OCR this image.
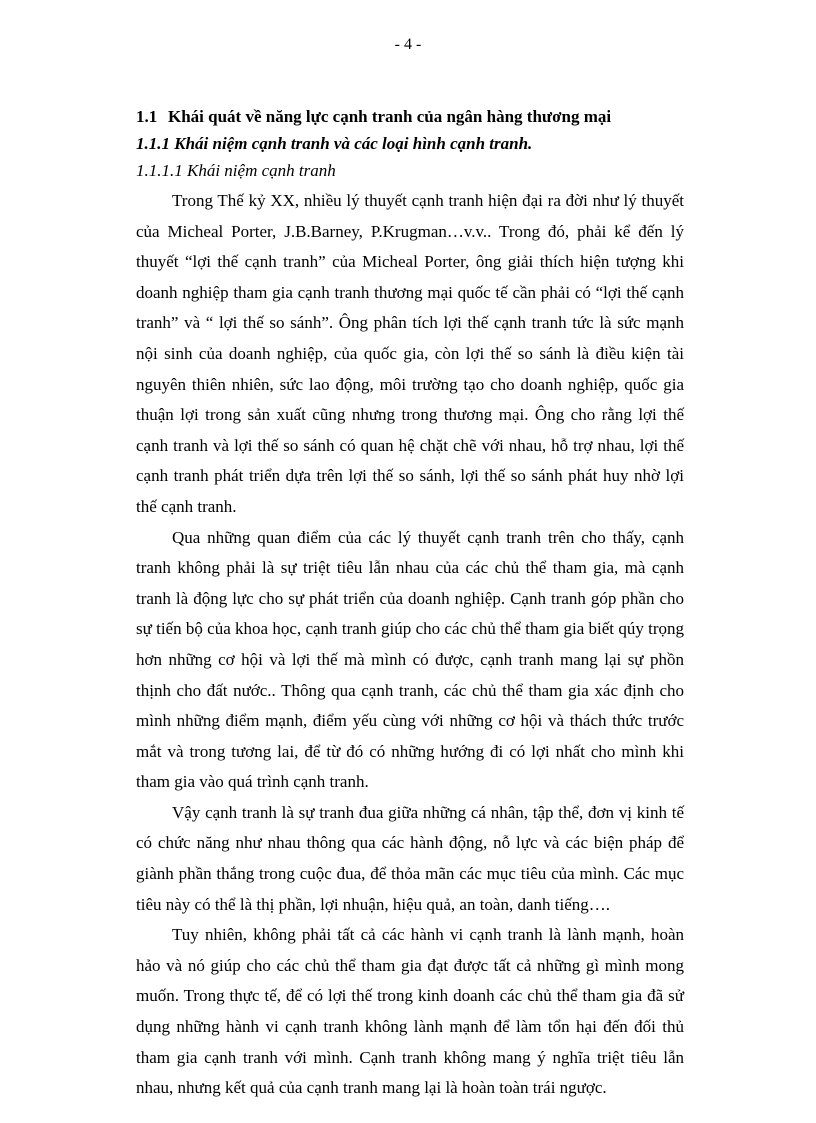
- 4 -

1.1 Khái quát về năng lực cạnh tranh của ngân hàng thương mại

1.1.1 Khái niệm cạnh tranh và các loại hình cạnh tranh.

1.1.1.1 Khái niệm cạnh tranh

Trong Thế kỷ XX, nhiều lý thuyết cạnh tranh hiện đại ra đời như lý thuyết của Micheal Porter, J.B.Barney, P.Krugman…v.v.. Trong đó, phải kể đến lý thuyết “lợi thế cạnh tranh” của Micheal Porter, ông giải thích hiện tượng khi doanh nghiệp tham gia cạnh tranh thương mại quốc tế cần phải có “lợi thế cạnh tranh” và “ lợi thế so sánh”. Ông phân tích lợi thế cạnh tranh tức là sức mạnh nội sinh của doanh nghiệp, của quốc gia, còn lợi thế so sánh là điều kiện tài nguyên thiên nhiên, sức lao động, môi trường tạo cho doanh nghiệp, quốc gia thuận lợi trong sản xuất cũng nhưng trong thương mại. Ông cho rằng lợi thế cạnh tranh và lợi thế so sánh có quan hệ chặt chẽ với nhau, hỗ trợ nhau, lợi thế cạnh tranh phát triển dựa trên lợi thế so sánh, lợi thế so sánh phát huy nhờ lợi thế cạnh tranh.

Qua những quan điểm của các lý thuyết cạnh tranh trên cho thấy, cạnh tranh không phải là sự triệt tiêu lẫn nhau của các chủ thể tham gia, mà cạnh tranh là động lực cho sự phát triển của doanh nghiệp. Cạnh tranh góp phần cho sự tiến bộ của khoa học, cạnh tranh giúp cho các chủ thể tham gia biết qúy trọng hơn những cơ hội và lợi thế mà mình có được, cạnh tranh mang lại sự phồn thịnh cho đất nước.. Thông qua cạnh tranh, các chủ thể tham gia xác định cho mình những điểm mạnh, điểm yếu cùng với những cơ hội và thách thức trước mắt và trong tương lai, để từ đó có những hướng đi có lợi nhất cho mình khi tham gia vào quá trình cạnh tranh.

Vậy cạnh tranh là sự tranh đua giữa những cá nhân, tập thể, đơn vị kinh tế có chức năng như nhau thông qua các hành động, nỗ lực và các biện pháp để giành phần thắng trong cuộc đua, để thỏa mãn các mục tiêu của mình. Các mục tiêu này có thể là thị phần, lợi nhuận, hiệu quả, an toàn, danh tiếng….

Tuy nhiên, không phải tất cả các hành vi cạnh tranh là lành mạnh, hoàn hảo và nó giúp cho các chủ thể tham gia đạt được tất cả những gì mình mong muốn. Trong thực tế, để có lợi thế trong kinh doanh các chủ thể tham gia đã sử dụng những hành vi cạnh tranh không lành mạnh để làm tổn hại đến đối thủ tham gia cạnh tranh với mình. Cạnh tranh không mang ý nghĩa triệt tiêu lẫn nhau, nhưng kết quả của cạnh tranh mang lại là hoàn toàn trái ngược.
